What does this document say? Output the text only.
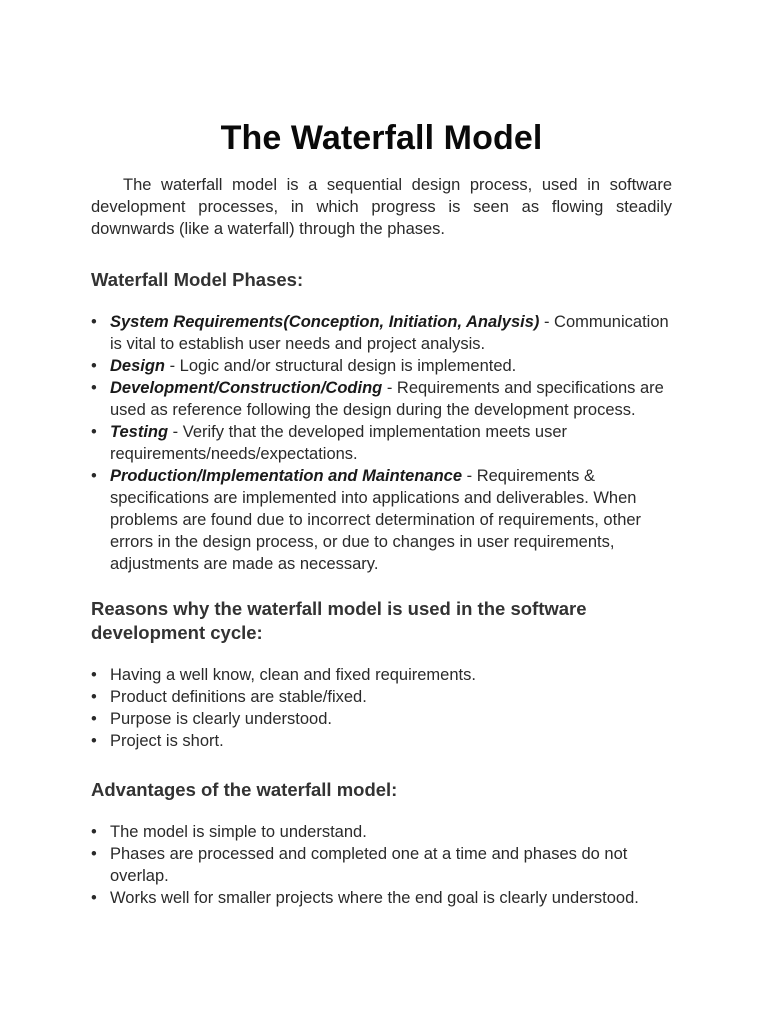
The Waterfall Model

The waterfall model is a sequential design process, used in software development processes, in which progress is seen as flowing steadily downwards (like a waterfall) through the phases.

Waterfall Model Phases:
• System Requirements(Conception, Initiation, Analysis) - Communication is vital to establish user needs and project analysis.
• Design - Logic and/or structural design is implemented.
• Development/Construction/Coding - Requirements and specifications are used as reference following the design during the development process.
• Testing - Verify that the developed implementation meets user requirements/needs/expectations.
• Production/Implementation and Maintenance - Requirements & specifications are implemented into applications and deliverables. When problems are found due to incorrect determination of requirements, other errors in the design process, or due to changes in user requirements, adjustments are made as necessary.
Reasons why the waterfall model is used in the software development cycle:
• Having a well know, clean and fixed requirements.
• Product definitions are stable/fixed.
• Purpose is clearly understood.
• Project is short.
Advantages of the waterfall model:
• The model is simple to understand.
• Phases are processed and completed one at a time and phases do not overlap.
• Works well for smaller projects where the end goal is clearly understood.
